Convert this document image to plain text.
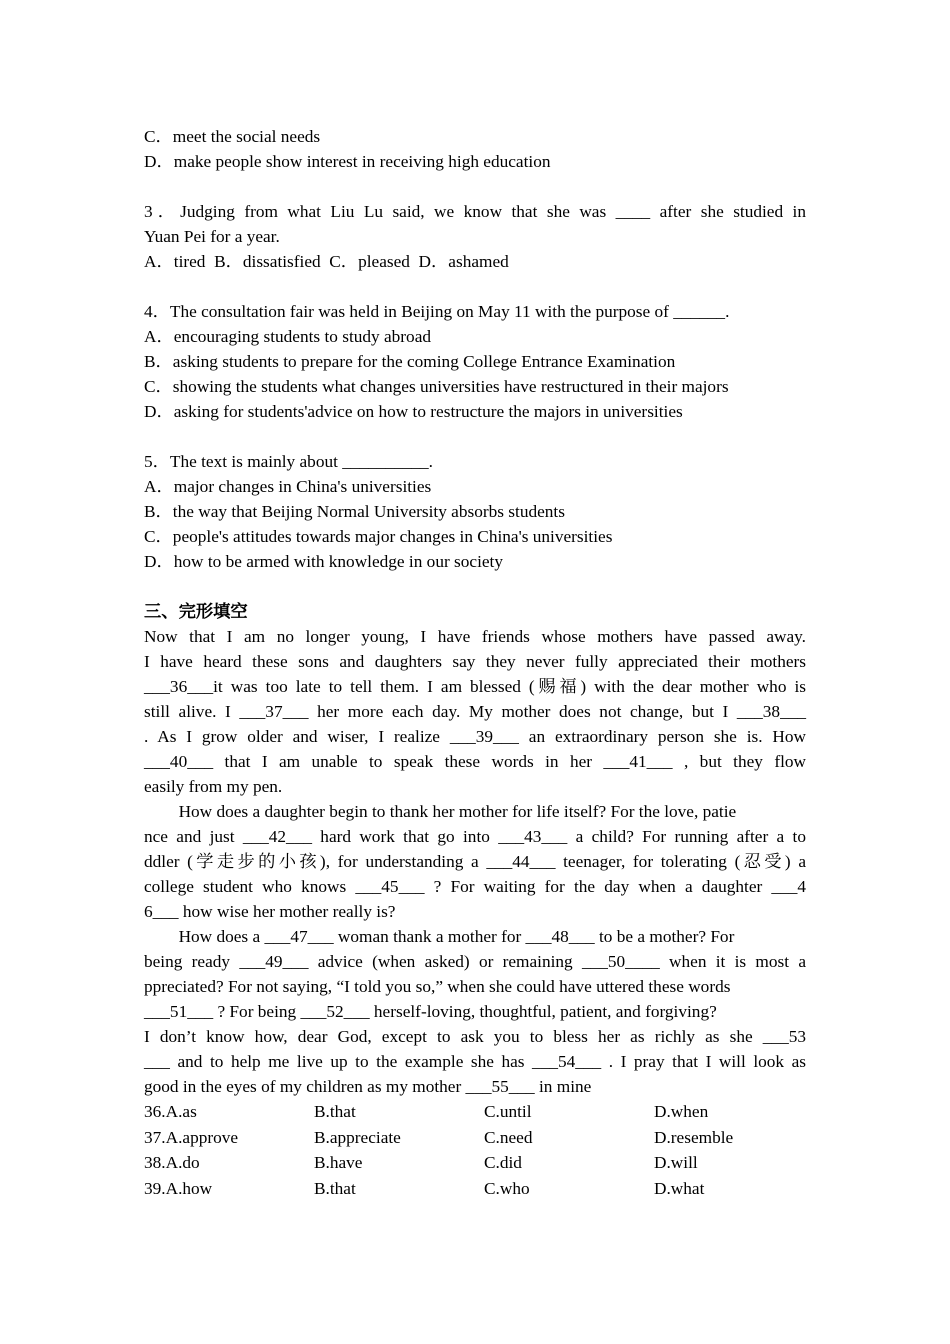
C．meet the social needs
D．make people show interest in receiving high education
3．Judging from what Liu Lu said, we know that she was ____ after she studied in
Yuan Pei for a year.
A．tired  B．dissatisfied  C．pleased  D．ashamed
4．The consultation fair was held in Beijing on May 11 with the purpose of ______.
A．encouraging students to study abroad
B．asking students to prepare for the coming College Entrance Examination
C．showing the students what changes universities have restructured in their majors
D．asking for students'advice on how to restructure the majors in universities
5．The text is mainly about __________.
A．major changes in China's universities
B．the way that Beijing Normal University absorbs students
C．people's attitudes towards major changes in China's universities
D．how to be armed with knowledge in our society
三、完形填空
Now that I am no longer young, I have friends whose mothers have passed away.
I have heard these sons and daughters say they never fully appreciated their mothers
___36___it was too late to tell them. I am blessed (赐福) with the dear mother who is
still alive. I ___37___ her more each day. My mother does not change, but I ___38___
. As I grow older and wiser, I realize ___39___ an extraordinary person she is. How
___40___ that I am unable to speak these words in her ___41___ , but they flow
easily from my pen.
How does a daughter begin to thank her mother for life itself? For the love, patie
nce and just ___42___ hard work that go into ___43___ a child? For running after a to
ddler (学走步的小孩), for understanding a ___44___ teenager, for tolerating (忍受) a
college student who knows ___45___ ? For waiting for the day when a daughter ___4
6___ how wise her mother really is?
How does a ___47___ woman thank a mother for ___48___ to be a mother? For
being ready ___49___ advice (when asked) or remaining ___50____ when it is most a
ppreciated? For not saying, “I told you so,” when she could have uttered these words
___51___ ? For being ___52___ herself-loving, thoughtful, patient, and forgiving?
I don’t know how, dear God, except to ask you to bless her as richly as she ___53
___ and to help me live up to the example she has ___54___ . I pray that I will look as
good in the eyes of my children as my mother ___55___ in mine
36.A.as	B.that	C.until	D.when
37.A.approve	B.appreciate	C.need	D.resemble
38.A.do	B.have	C.did	D.will
39.A.how	B.that	C.who	D.what
